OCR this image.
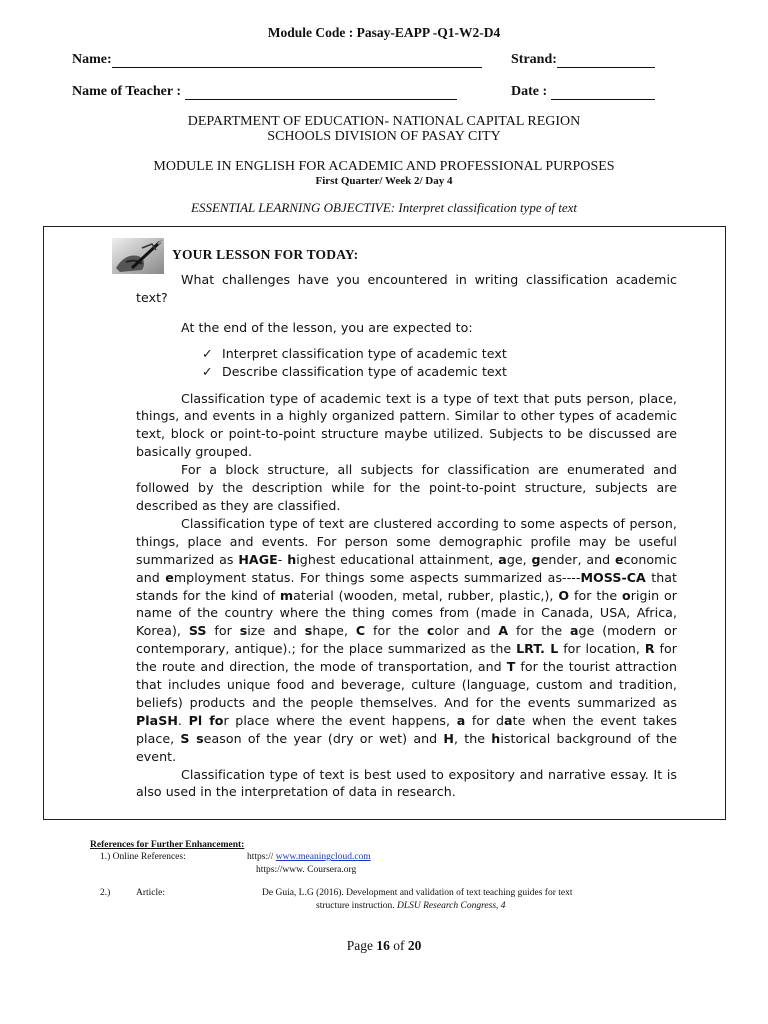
Module Code : Pasay-EAPP -Q1-W2-D4
Name:	Strand:
Name of Teacher :	Date :
DEPARTMENT OF EDUCATION- NATIONAL CAPITAL REGION
SCHOOLS DIVISION OF PASAY CITY
MODULE IN ENGLISH FOR ACADEMIC AND PROFESSIONAL PURPOSES
First Quarter/ Week 2/ Day 4
ESSENTIAL LEARNING OBJECTIVE: Interpret classification type of text
YOUR LESSON FOR TODAY:

What challenges have you encountered in writing classification academic text?

At the end of the lesson, you are expected to:

✓ Interpret classification type of academic text

✓ Describe classification type of academic text

Classification type of academic text is a type of text that puts person, place, things, and events in a highly organized pattern. Similar to other types of academic text, block or point-to-point structure maybe utilized. Subjects to be discussed are basically grouped.

For a block structure, all subjects for classification are enumerated and followed by the description while for the point-to-point structure, subjects are described as they are classified.

Classification type of text are clustered according to some aspects of person, things, place and events. For person some demographic profile may be useful summarized as HAGE- highest educational attainment, age, gender, and economic and employment status. For things some aspects summarized as----MOSS-CA that stands for the kind of material (wooden, metal, rubber, plastic,), O for the origin or name of the country where the thing comes from (made in Canada, USA, Africa, Korea), SS for size and shape, C for the color and A for the age (modern or contemporary, antique).; for the place summarized as the LRT. L for location, R for the route and direction, the mode of transportation, and T for the tourist attraction that includes unique food and beverage, culture (language, custom and tradition, beliefs) products and the people themselves. And for the events summarized as PlaSH. Pl for place where the event happens, a for date when the event takes place, S season of the year (dry or wet) and H, the historical background of the event.

Classification type of text is best used to expository and narrative essay. It is also used in the interpretation of data in research.

References for Further Enhancement:
1.) Online References:	https:// www.meaningcloud.com
https://www. Coursera.org
2.)	Article:	De Guia, L.G (2016). Development and validation of text teaching guides for text
structure instruction. DLSU Research Congress, 4
Page 16 of 20
